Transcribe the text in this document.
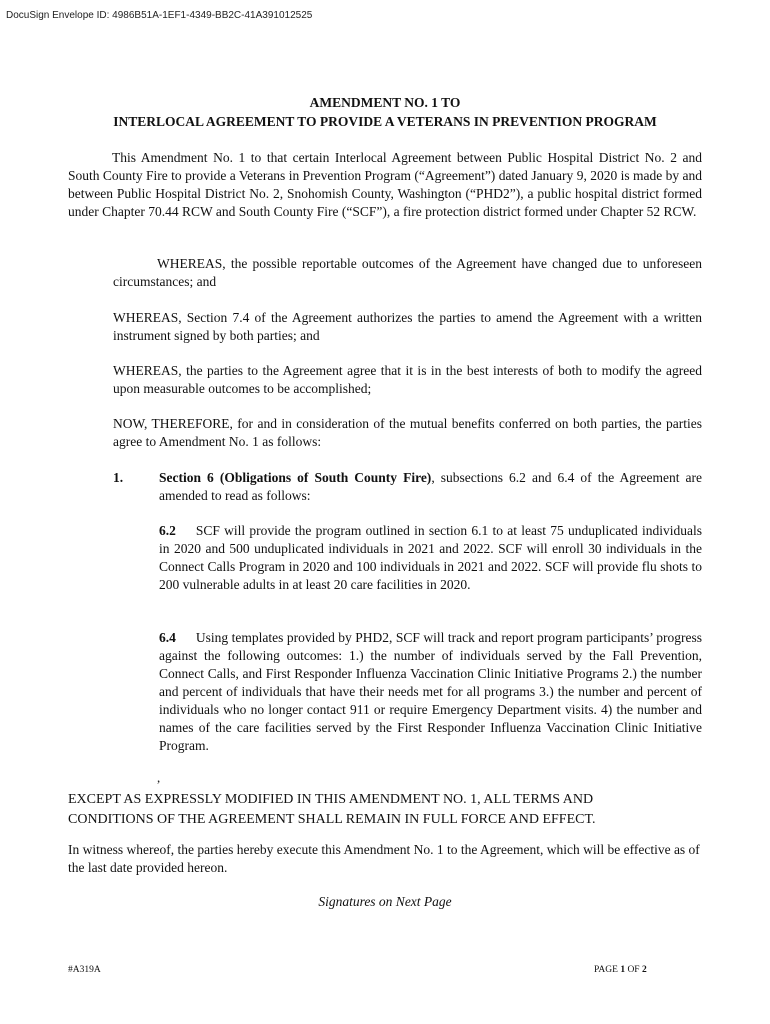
DocuSign Envelope ID: 4986B51A-1EF1-4349-BB2C-41A391012525
AMENDMENT NO. 1 TO
INTERLOCAL AGREEMENT TO PROVIDE A VETERANS IN PREVENTION PROGRAM
This Amendment No. 1 to that certain Interlocal Agreement between Public Hospital District No. 2 and South County Fire to provide a Veterans in Prevention Program (“Agreement”) dated January 9, 2020 is made by and between Public Hospital District No. 2, Snohomish County, Washington (“PHD2”), a public hospital district formed under Chapter 70.44 RCW and South County Fire (“SCF”), a fire protection district formed under Chapter 52 RCW.
WHEREAS, the possible reportable outcomes of the Agreement have changed due to unforeseen circumstances; and
WHEREAS, Section 7.4 of the Agreement authorizes the parties to amend the Agreement with a written instrument signed by both parties; and
WHEREAS, the parties to the Agreement agree that it is in the best interests of both to modify the agreed upon measurable outcomes to be accomplished;
NOW, THEREFORE, for and in consideration of the mutual benefits conferred on both parties, the parties agree to Amendment No. 1 as follows:
1.	Section 6 (Obligations of South County Fire), subsections 6.2 and 6.4 of the Agreement are amended to read as follows:
6.2 SCF will provide the program outlined in section 6.1 to at least 75 unduplicated individuals in 2020 and 500 unduplicated individuals in 2021 and 2022. SCF will enroll 30 individuals in the Connect Calls Program in 2020 and 100 individuals in 2021 and 2022. SCF will provide flu shots to 200 vulnerable adults in at least 20 care facilities in 2020.
6.4 Using templates provided by PHD2, SCF will track and report program participants’ progress against the following outcomes: 1.) the number of individuals served by the Fall Prevention, Connect Calls, and First Responder Influenza Vaccination Clinic Initiative Programs 2.) the number and percent of individuals that have their needs met for all programs 3.) the number and percent of individuals who no longer contact 911 or require Emergency Department visits. 4) the number and names of the care facilities served by the First Responder Influenza Vaccination Clinic Initiative Program.
,
EXCEPT AS EXPRESSLY MODIFIED IN THIS AMENDMENT NO. 1, ALL TERMS AND CONDITIONS OF THE AGREEMENT SHALL REMAIN IN FULL FORCE AND EFFECT.
In witness whereof, the parties hereby execute this Amendment No. 1 to the Agreement, which will be effective as of the last date provided hereon.
Signatures on Next Page
#A319A	PAGE 1 OF 2
